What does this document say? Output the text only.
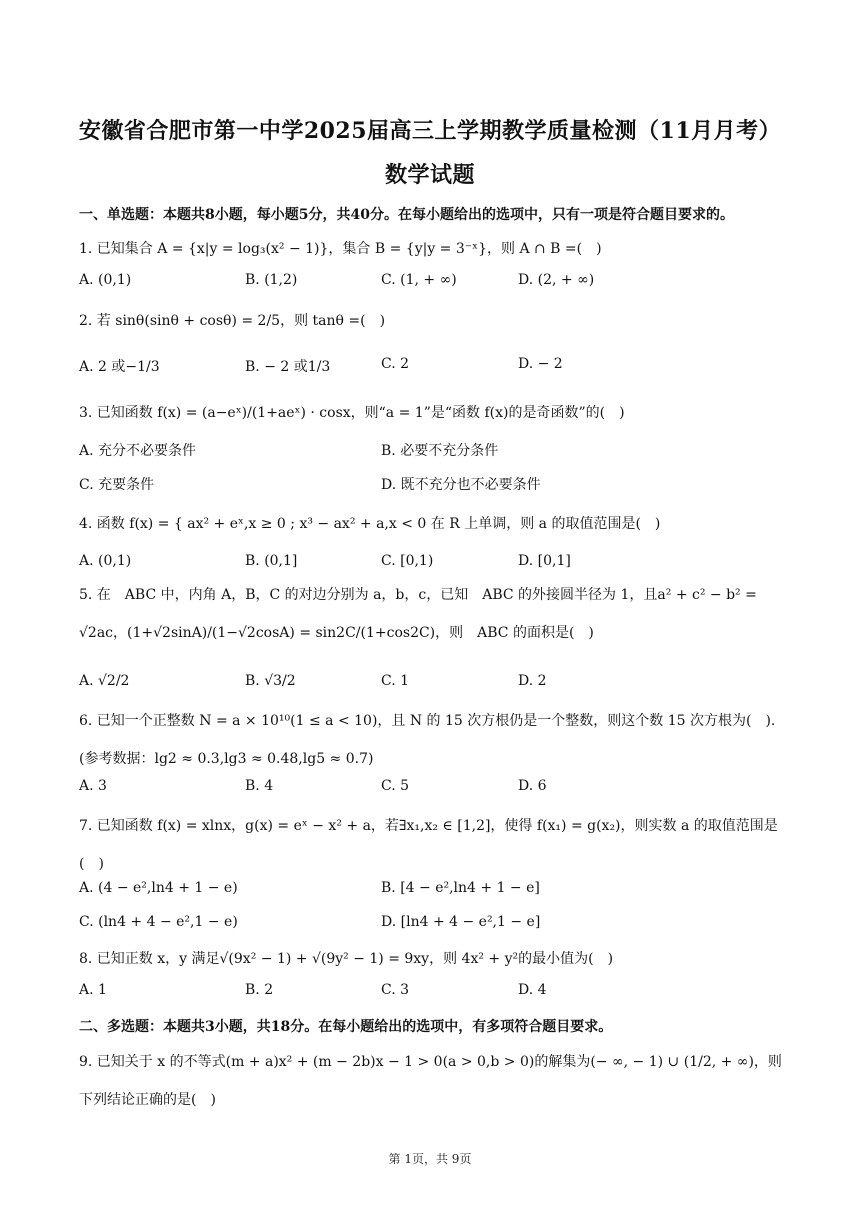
安徽省合肥市第一中学2025届高三上学期教学质量检测（11月月考）
数学试题
一、单选题：本题共8小题，每小题5分，共40分。在每小题给出的选项中，只有一项是符合题目要求的。
1. 已知集合 A = {x|y = log₃(x² − 1)}，集合 B = {y|y = 3⁻ˣ}，则 A ∩ B =(　)
A. (0,1)	B. (1,2)	C. (1, + ∞)	D. (2, + ∞)
2. 若 sinθ(sinθ + cosθ) = 2/5，则 tanθ =(　)
A. 2 或−1/3	B. − 2 或1/3	C. 2	D. − 2
3. 已知函数 f(x) = (a−eˣ)/(1+aeˣ) · cosx，则“a = 1”是“函数 f(x)的是奇函数”的(　)
A. 充分不必要条件	B. 必要不充分条件
C. 充要条件	D. 既不充分也不必要条件
4. 函数 f(x) = { ax² + eˣ,x ≥ 0 ; x³ − ax² + a,x < 0 在 R 上单调，则 a 的取值范围是(　)
A. (0,1)	B. (0,1]	C. [0,1)	D. [0,1]
5. 在　ABC 中，内角 A，B，C 的对边分别为 a，b，c，已知　ABC 的外接圆半径为 1，且a² + c² − b² = √2ac，(1+√2sinA)/(1−√2cosA) = sin2C/(1+cos2C)，则　ABC 的面积是(　)
A. √2/2	B. √3/2	C. 1	D. 2
6. 已知一个正整数 N = a × 10¹⁰(1 ≤ a < 10)，且 N 的 15 次方根仍是一个整数，则这个数 15 次方根为(　).(参考数据：lg2 ≈ 0.3,lg3 ≈ 0.48,lg5 ≈ 0.7)
A. 3	B. 4	C. 5	D. 6
7. 已知函数 f(x) = xlnx，g(x) = eˣ − x² + a，若∃x₁,x₂ ∈ [1,2]，使得 f(x₁) = g(x₂)，则实数 a 的取值范围是(　)
A. (4 − e²,ln4 + 1 − e)	B. [4 − e²,ln4 + 1 − e]
C. (ln4 + 4 − e²,1 − e)	D. [ln4 + 4 − e²,1 − e]
8. 已知正数 x，y 满足√(9x² − 1) + √(9y² − 1) = 9xy，则 4x² + y²的最小值为(　)
A. 1	B. 2	C. 3	D. 4
二、多选题：本题共3小题，共18分。在每小题给出的选项中，有多项符合题目要求。
9. 已知关于 x 的不等式(m + a)x² + (m − 2b)x − 1 > 0(a > 0,b > 0)的解集为(− ∞, − 1) ∪ (1/2, + ∞)，则下列结论正确的是(　)
第 1页，共 9页
